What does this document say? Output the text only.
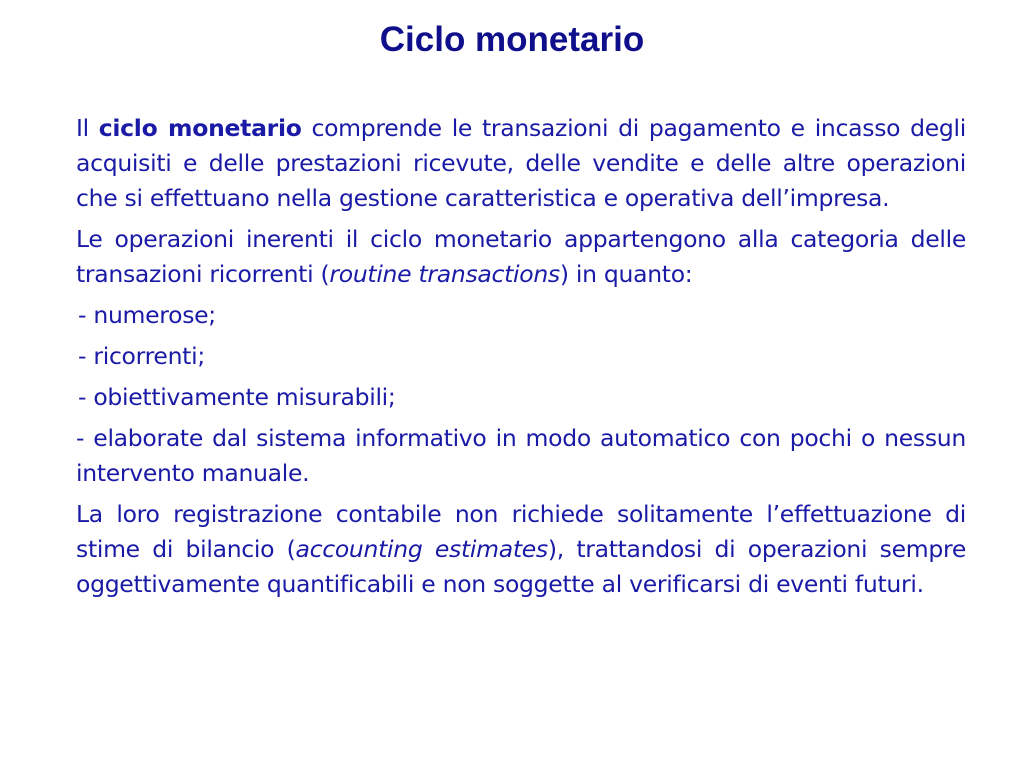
Ciclo monetario

Il ciclo monetario comprende le transazioni di pagamento e incasso degli acquisiti e delle prestazioni ricevute, delle vendite e delle altre operazioni che si effettuano nella gestione caratteristica e operativa dell’impresa.

Le operazioni inerenti il ciclo monetario appartengono alla categoria delle transazioni ricorrenti (routine transactions) in quanto:

- numerose;

- ricorrenti;

- obiettivamente misurabili;

- elaborate dal sistema informativo in modo automatico con pochi o nessun intervento manuale.

La loro registrazione contabile non richiede solitamente l’effettuazione di stime di bilancio (accounting estimates), trattandosi di operazioni sempre oggettivamente quantificabili e non soggette al verificarsi di eventi futuri.
